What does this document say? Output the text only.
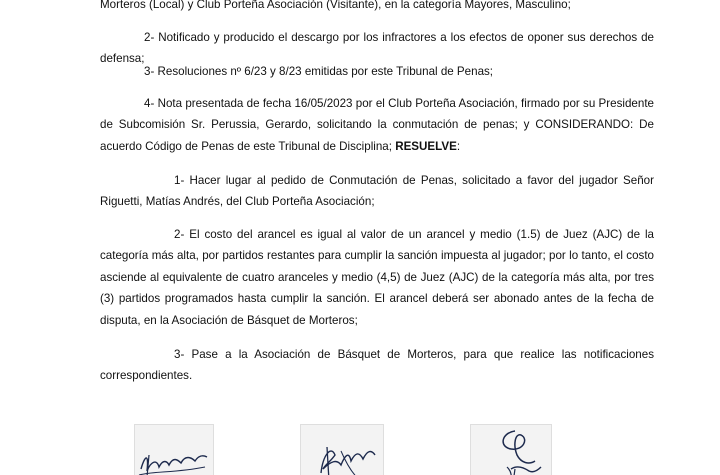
Morteros (Local) y Club Porteña Asociación (Visitante), en la categoría Mayores, Masculino;

2- Notificado y producido el descargo por los infractores a los efectos de oponer sus derechos de defensa;

3- Resoluciones nº 6/23 y 8/23 emitidas por este Tribunal de Penas;

4- Nota presentada de fecha 16/05/2023 por el Club Porteña Asociación, firmado por su Presidente de Subcomisión Sr. Perussia, Gerardo, solicitando la conmutación de penas; y CONSIDERANDO: De acuerdo Código de Penas de este Tribunal de Disciplina; RESUELVE:

1- Hacer lugar al pedido de Conmutación de Penas, solicitado a favor del jugador Señor Riguetti, Matías Andrés, del Club Porteña Asociación;

2- El costo del arancel es igual al valor de un arancel y medio (1.5) de Juez (AJC) de la categoría más alta, por partidos restantes para cumplir la sanción impuesta al jugador; por lo tanto, el costo asciende al equivalente de cuatro aranceles y medio (4,5) de Juez (AJC) de la categoría más alta, por tres (3) partidos programados hasta cumplir la sanción. El arancel deberá ser abonado antes de la fecha de disputa, en la Asociación de Básquet de Morteros;

3- Pase a la Asociación de Básquet de Morteros, para que realice las notificaciones correspondientes.
